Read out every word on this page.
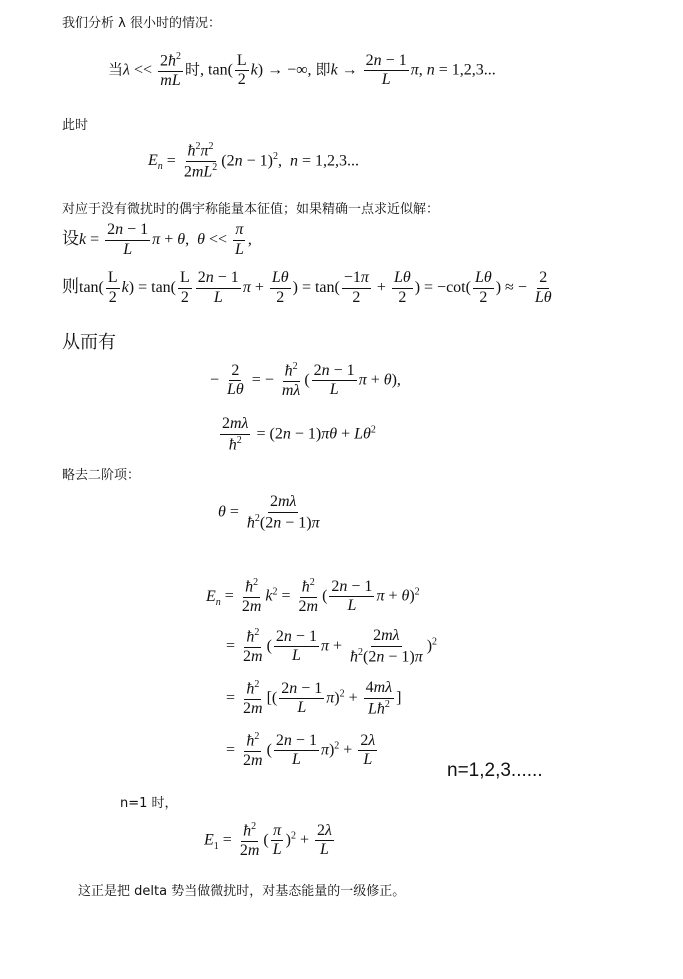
我们分析 λ 很小时的情况：
当$\lambda << \frac{2ħ^2}{mL}$ 时, $\tan( \frac{L}{2} k)$ → −∞, 即$k \to \frac{2n - 1}{L} \pi$, n = 1,2,3...
此时
$E_n = \frac{ħ^2\pi^2}{2mL^2} (2n - 1)^2$,  n = 1,2,3...
对应于没有微扰时的偶宇称能量本征值；如果精确一点求近似解：
设$k = \frac{2n - 1}{L}$ π + θ,  $\theta << \frac{\pi}{L}$ ,
则$\tan( \frac{L}{2} k) = \tan( \frac{L}{2} \frac{2n - 1}{L}$ $\pi + \frac{L\theta}{2}$ ) = $\tan( \frac{-1\pi}{2} + \frac{L\theta}{2}$ ) = $-\cot( \frac{L\theta}{2}$ ) ≈ − $\frac{2}{L\theta}$
从而有
− $\frac{2}{L\theta}$ = − $\frac{ħ^2}{m\lambda}$ ( $\frac{2n - 1}{L}$ π + θ),
$\frac{2m\lambda}{ħ^2} = (2n - 1)\pi\theta + L\theta^2$
略去二阶项：
$\theta = \frac{2m\lambda}{ħ^2(2n - 1)\pi}$
$E_n = \frac{ħ^2}{2m} k^2 = \frac{ħ^2}{2m}$ ( $\frac{2n - 1}{L}$ π + θ)$^2$
= $\frac{ħ^2}{2m}$ ( $\frac{2n - 1}{L}$ $\pi + \frac{2m\lambda}{ħ^2(2n - 1)\pi} )^2$
= $\frac{ħ^2}{2m}$ [( $\frac{2n - 1}{L} \pi)^2 + \frac{4m\lambda}{Lħ^2}$ ]
= $\frac{ħ^2}{2m}$ ( $\frac{2n - 1}{L} \pi)^2 + \frac{2\lambda}{L}$
n=1,2,3......
n=1 时，
$E_1 = \frac{ħ^2}{2m}$ ( $\frac{\pi}{L} )^2 + \frac{2\lambda}{L}$
这正是把 delta 势当做微扰时，对基态能量的一级修正。
